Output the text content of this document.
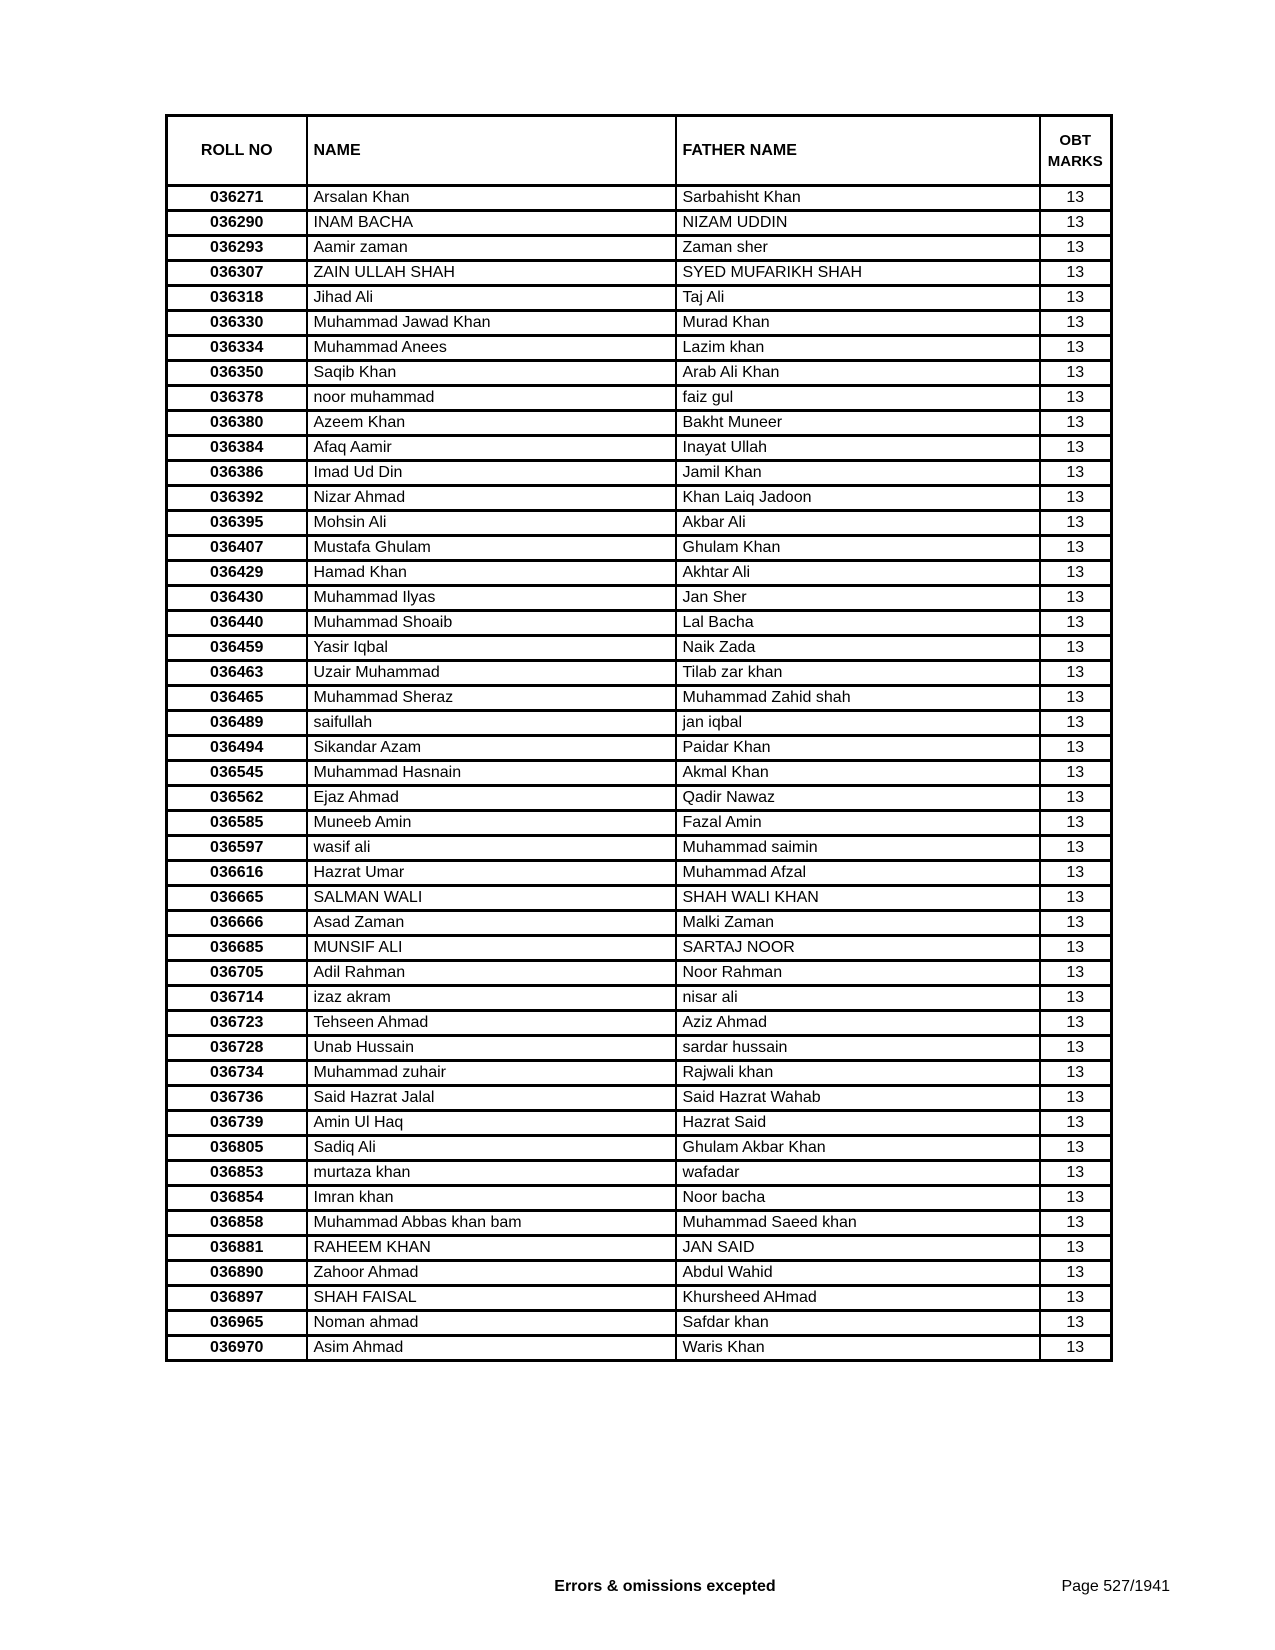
ROLL NO	NAME	FATHER NAME	OBT MARKS
036271	Arsalan Khan	Sarbahisht Khan	13
036290	INAM BACHA	NIZAM UDDIN	13
036293	Aamir zaman	Zaman sher	13
036307	ZAIN ULLAH SHAH	SYED MUFARIKH SHAH	13
036318	Jihad Ali	Taj Ali	13
036330	Muhammad Jawad Khan	Murad Khan	13
036334	Muhammad Anees	Lazim khan	13
036350	Saqib Khan	Arab Ali Khan	13
036378	noor muhammad	faiz gul	13
036380	Azeem Khan	Bakht Muneer	13
036384	Afaq Aamir	Inayat Ullah	13
036386	Imad Ud Din	Jamil Khan	13
036392	Nizar Ahmad	Khan Laiq Jadoon	13
036395	Mohsin Ali	Akbar Ali	13
036407	Mustafa Ghulam	Ghulam Khan	13
036429	Hamad Khan	Akhtar Ali	13
036430	Muhammad Ilyas	Jan Sher	13
036440	Muhammad Shoaib	Lal Bacha	13
036459	Yasir Iqbal	Naik Zada	13
036463	Uzair Muhammad	Tilab zar khan	13
036465	Muhammad Sheraz	Muhammad Zahid shah	13
036489	saifullah	jan iqbal	13
036494	Sikandar Azam	Paidar Khan	13
036545	Muhammad Hasnain	Akmal Khan	13
036562	Ejaz Ahmad	Qadir Nawaz	13
036585	Muneeb Amin	Fazal Amin	13
036597	wasif ali	Muhammad saimin	13
036616	Hazrat Umar	Muhammad Afzal	13
036665	SALMAN WALI	SHAH WALI KHAN	13
036666	Asad Zaman	Malki Zaman	13
036685	MUNSIF ALI	SARTAJ NOOR	13
036705	Adil Rahman	Noor Rahman	13
036714	izaz akram	nisar ali	13
036723	Tehseen Ahmad	Aziz Ahmad	13
036728	Unab Hussain	sardar hussain	13
036734	Muhammad zuhair	Rajwali khan	13
036736	Said Hazrat Jalal	Said Hazrat Wahab	13
036739	Amin Ul Haq	Hazrat Said	13
036805	Sadiq Ali	Ghulam Akbar Khan	13
036853	murtaza khan	wafadar	13
036854	Imran khan	Noor bacha	13
036858	Muhammad Abbas khan bam	Muhammad Saeed khan	13
036881	RAHEEM KHAN	JAN SAID	13
036890	Zahoor Ahmad	Abdul Wahid	13
036897	SHAH FAISAL	Khursheed AHmad	13
036965	Noman ahmad	Safdar khan	13
036970	Asim Ahmad	Waris Khan	13
Errors & omissions excepted	Page 527/1941
